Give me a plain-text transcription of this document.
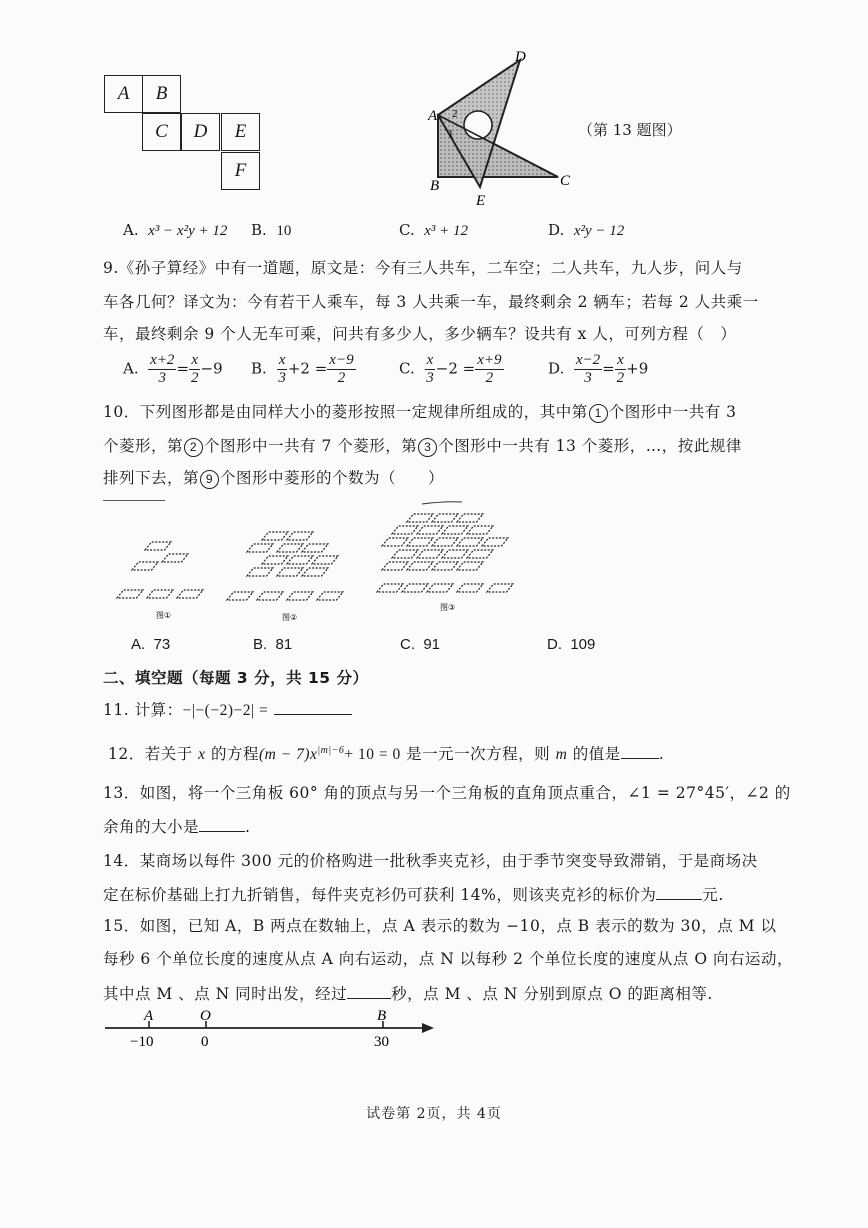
A	B
C	D	E
F
A
B	C
D
E
1
2
（第 13 题图）
A. x³ − x²y + 12 B. 10	C. x³ + 12	D. x²y − 12
9.《孙子算经》中有一道题，原文是：今有三人共车，二车空；二人共车，九人步，问人与
车各几何？译文为：今有若干人乘车，每 3 人共乘一车，最终剩余 2 辆车；若每 2 人共乘一
车，最终剩余 9 个人无车可乘，问共有多少人，多少辆车？设共有 x 人，可列方程（　）
A. $\frac{x+2}{3} = \frac{x}{2} -9$ B. $\frac{x}{3} +2 = \frac{x-9}{2}$	C. $\frac{x}{3} -2 = \frac{x+9}{2}$	D. $\frac{x-2}{3} = \frac{x}{2} +9$
10．下列图形都是由同样大小的菱形按照一定规律所组成的，其中第 1 个图形中一共有 3
个菱形，第 2 个图形中一共有 7 个菱形，第 3 个图形中一共有 13 个菱形，…，按此规律
排列下去，第 9 个图形中菱形的个数为（　　）
图①	图②
图③
A. 73	B. 81	C. 91	D. 109
二、填空题（每题 3 分，共 15 分）
11. 计算：−|−(−2)−2| =
12．若关于 x 的方程$(m - 7)x^{|m|-6}+ 10 = 0$ 是一元一次方程，则 m 的值是 .
13．如图，将一个三角板 60° 角的顶点与另一个三角板的直角顶点重合，∠1 = 27°45′，∠2 的
余角的大小是	.
14．某商场以每件 300 元的价格购进一批秋季夹克衫，由于季节突变导致滞销，于是商场决
定在标价基础上打九折销售，每件夹克衫仍可获利 14%，则该夹克衫的标价为	元.
15．如图，已知 A，B 两点在数轴上，点 A 表示的数为 −10，点 B 表示的数为 30，点 M 以
每秒 6 个单位长度的速度从点 A 向右运动，点 N 以每秒 2 个单位长度的速度从点 O 向右运动，
其中点 M 、点 N 同时出发，经过	秒，点 M 、点 N 分别到原点 O 的距离相等.
A	O	B
−10	0	30
试卷第 2页，共 4页
